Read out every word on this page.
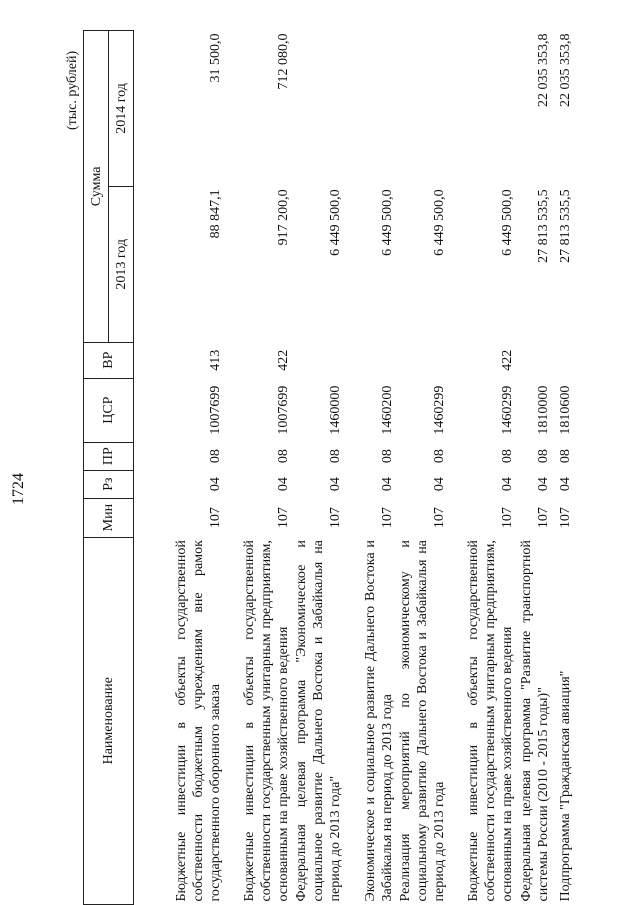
1724
(тыс. рублей)
Наименование	Мин	Рз	ПР	ЦСР	ВР	Сумма	
						2013 год	2014 год
Бюджетные инвестиции в объекты государственной собственности бюджетным учреждениям вне рамок государственного оборонного заказа	107	04	08	1007699	413	88 847,1	31 500,0
Бюджетные инвестиции в объекты государственной собственности государственным унитарным предприятиям, основанным на праве хозяйственного ведения	107	04	08	1007699	422	917 200,0	712 080,0
Федеральная целевая программа "Экономическое и социальное развитие Дальнего Востока и Забайкалья на период до 2013 года"	107	04	08	1460000		6 449 500,0	
Экономическое и социальное развитие Дальнего Востока и Забайкалья на период до 2013 года	107	04	08	1460200		6 449 500,0	
Реализация мероприятий по экономическому и социальному развитию Дальнего Востока и Забайкалья на период до 2013 года	107	04	08	1460299		6 449 500,0	
Бюджетные инвестиции в объекты государственной собственности государственным унитарным предприятиям, основанным на праве хозяйственного ведения	107	04	08	1460299	422	6 449 500,0	
Федеральная целевая программа "Развитие транспортной системы России (2010 - 2015 годы)"	107	04	08	1810000		27 813 535,5	22 035 353,8
Подпрограмма "Гражданская авиация"	107	04	08	1810600		27 813 535,5	22 035 353,8
